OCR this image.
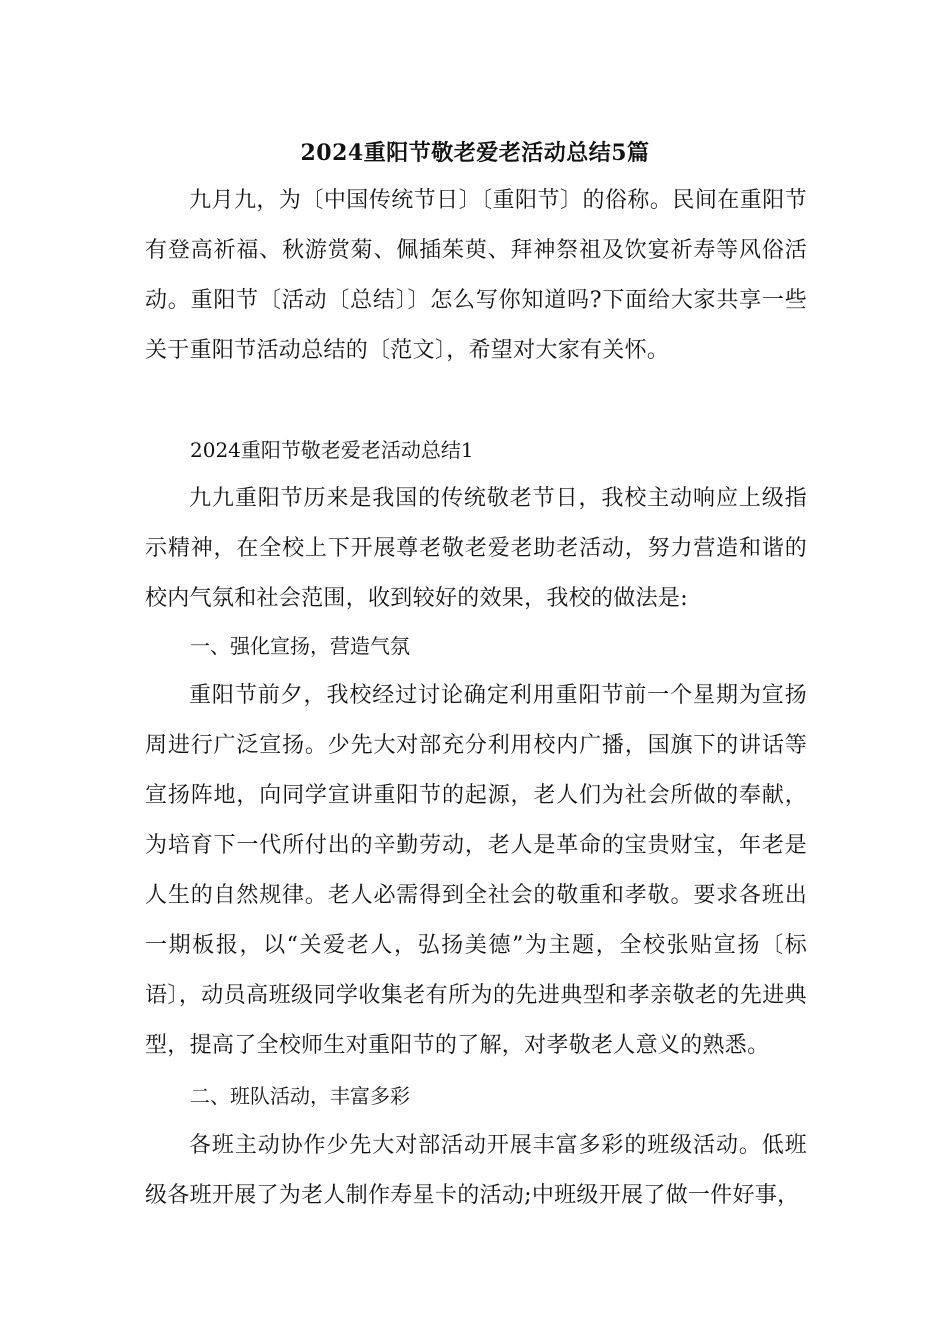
2024重阳节敬老爱老活动总结5篇
九月九，为〔中国传统节日〕〔重阳节〕的俗称。民间在重阳节有登高祈福、秋游赏菊、佩插茱萸、拜神祭祖及饮宴祈寿等风俗活动。重阳节〔活动〔总结〕〕怎么写你知道吗?下面给大家共享一些关于重阳节活动总结的〔范文〕，希望对大家有关怀。
2024重阳节敬老爱老活动总结1
九九重阳节历来是我国的传统敬老节日，我校主动响应上级指示精神，在全校上下开展尊老敬老爱老助老活动，努力营造和谐的校内气氛和社会范围，收到较好的效果，我校的做法是:
一、强化宣扬，营造气氛
重阳节前夕，我校经过讨论确定利用重阳节前一个星期为宣扬周进行广泛宣扬。少先大对部充分利用校内广播，国旗下的讲话等宣扬阵地，向同学宣讲重阳节的起源，老人们为社会所做的奉献，为培育下一代所付出的辛勤劳动，老人是革命的宝贵财宝，年老是人生的自然规律。老人必需得到全社会的敬重和孝敬。要求各班出一期板报，以“关爱老人，弘扬美德”为主题，全校张贴宣扬〔标语〕，动员高班级同学收集老有所为的先进典型和孝亲敬老的先进典型，提高了全校师生对重阳节的了解，对孝敬老人意义的熟悉。
二、班队活动，丰富多彩
各班主动协作少先大对部活动开展丰富多彩的班级活动。低班级各班开展了为老人制作寿星卡的活动;中班级开展了做一件好事，
